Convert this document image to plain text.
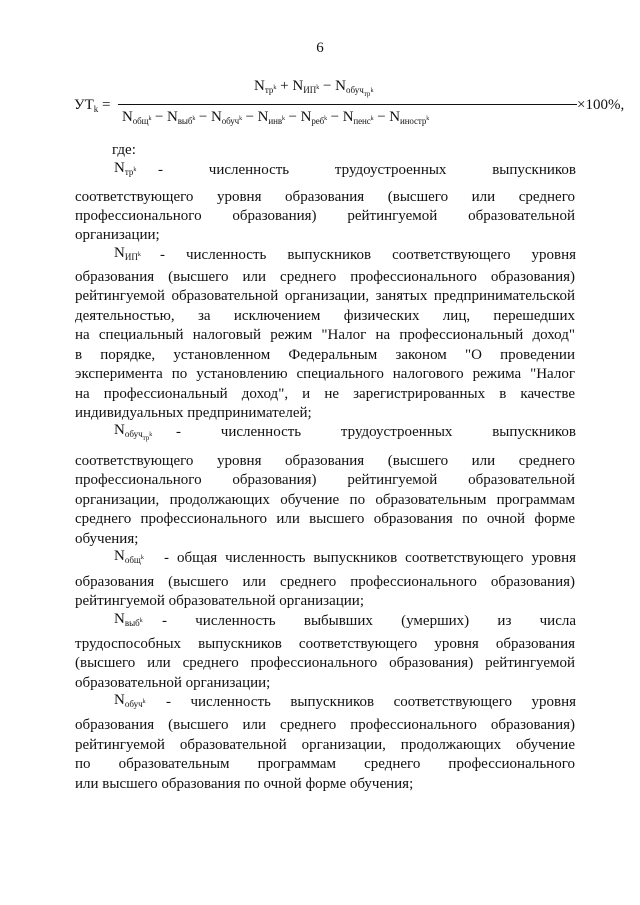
6
$УТ_k$ =
$N_{тр^k} + N_{ИП^k} - N_{обуч_{тр^k}}$
$N_{общ^k} - N_{выб^k} - N_{обуч^k} - N_{инв^k} - N_{реб^k} - N_{пенс^k} - N_{иностр^k}$
×100%,
где:
$N_{тр^k}$ - численность трудоустроенных выпускников
соответствующего уровня образования (высшего или среднего
профессионального образования) рейтингуемой образовательной
организации;
$N_{ИП^k}$ - численность выпускников соответствующего уровня
образования (высшего или среднего профессионального образования)
рейтингуемой образовательной организации, занятых предпринимательской
деятельностью, за исключением физических лиц, перешедших
на специальный налоговый режим "Налог на профессиональный доход"
в порядке, установленном Федеральным законом "О проведении
эксперимента по установлению специального налогового режима "Налог
на профессиональный доход", и не зарегистрированных в качестве
индивидуальных предпринимателей;
$N_{обуч_{тр^k}}$ - численность трудоустроенных выпускников
соответствующего уровня образования (высшего или среднего
профессионального образования) рейтингуемой образовательной
организации, продолжающих обучение по образовательным программам
среднего профессионального или высшего образования по очной форме
обучения;
$N_{общ^k}$ - общая численность выпускников соответствующего уровня
образования (высшего или среднего профессионального образования)
рейтингуемой образовательной организации;
$N_{выб^k}$ - численность выбывших (умерших) из числа
трудоспособных выпускников соответствующего уровня образования
(высшего или среднего профессионального образования) рейтингуемой
образовательной организации;
$N_{обуч^k}$ - численность выпускников соответствующего уровня
образования (высшего или среднего профессионального образования)
рейтингуемой образовательной организации, продолжающих обучение
по образовательным программам среднего профессионального
или высшего образования по очной форме обучения;
